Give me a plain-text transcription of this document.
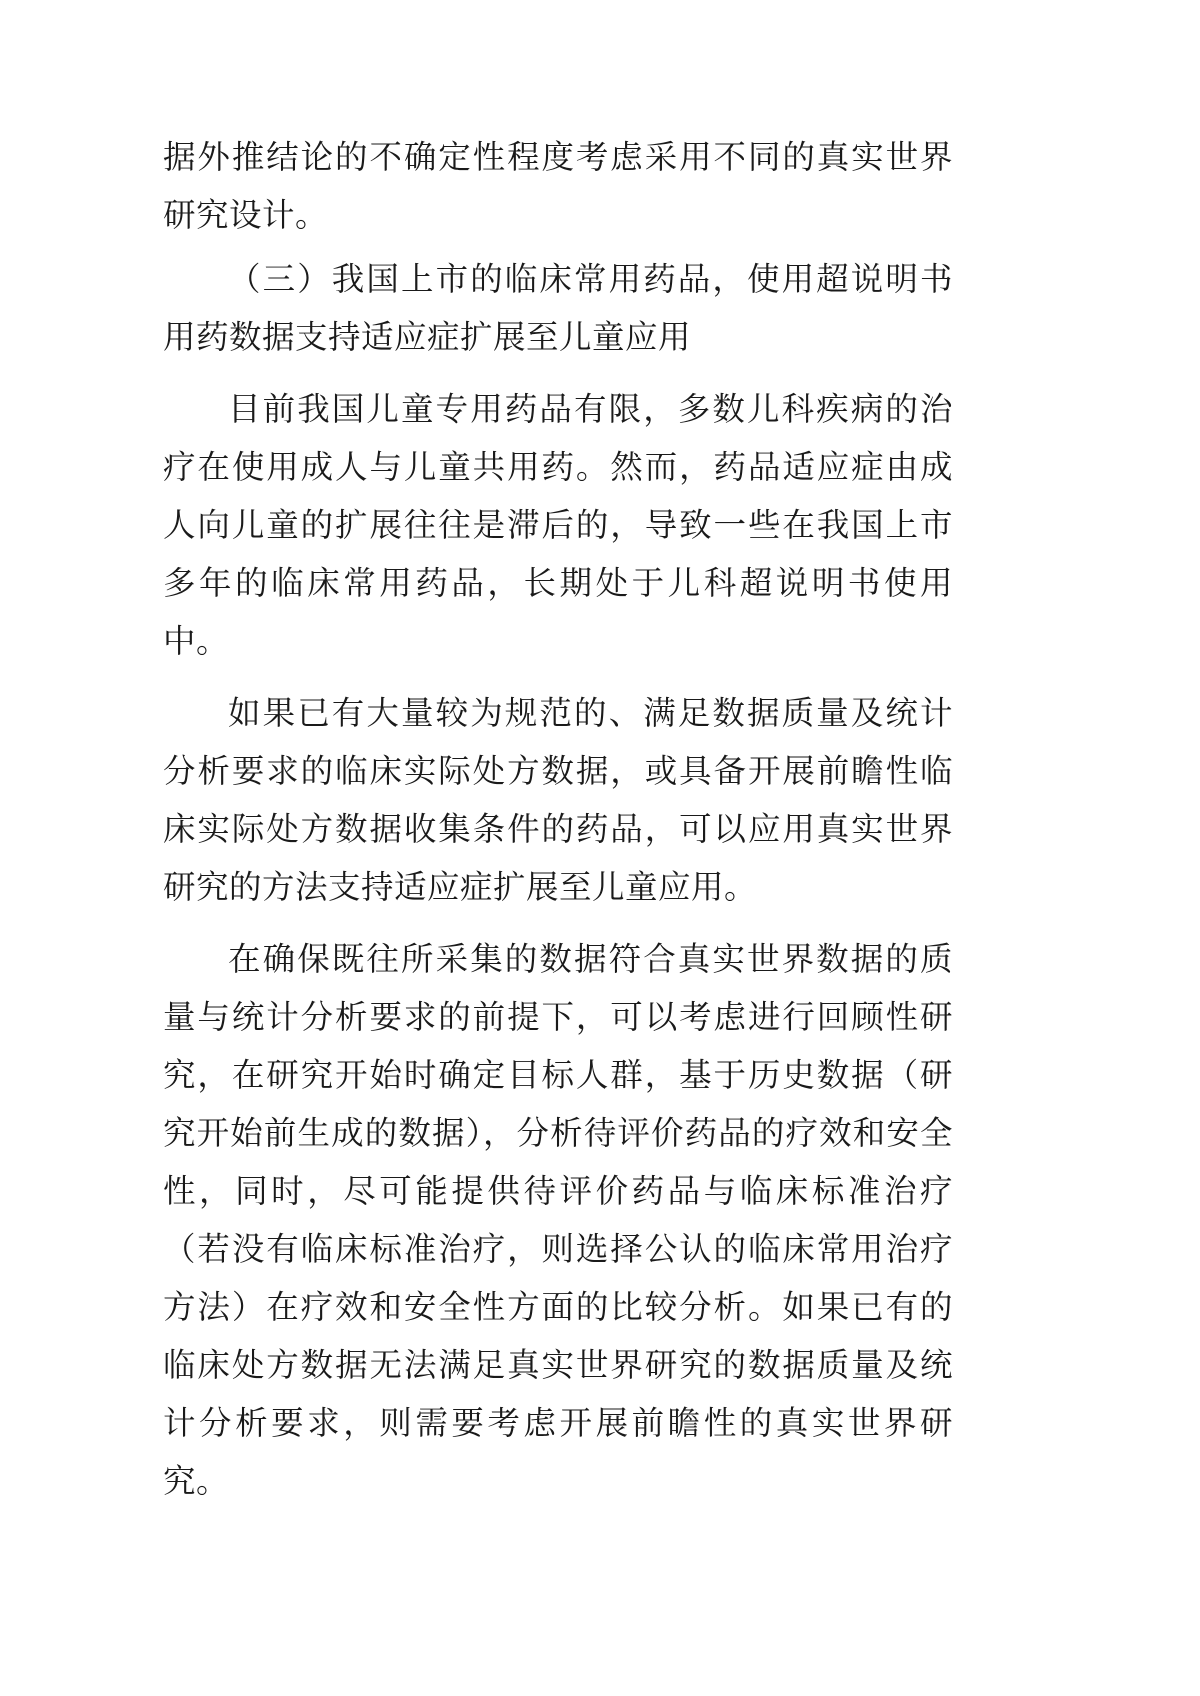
据外推结论的不确定性程度考虑采用不同的真实世界研究设计。

（三）我国上市的临床常用药品，使用超说明书用药数据支持适应症扩展至儿童应用

目前我国儿童专用药品有限，多数儿科疾病的治疗在使用成人与儿童共用药。然而，药品适应症由成人向儿童的扩展往往是滞后的，导致一些在我国上市多年的临床常用药品，长期处于儿科超说明书使用中。

如果已有大量较为规范的、满足数据质量及统计分析要求的临床实际处方数据，或具备开展前瞻性临床实际处方数据收集条件的药品，可以应用真实世界研究的方法支持适应症扩展至儿童应用。

在确保既往所采集的数据符合真实世界数据的质量与统计分析要求的前提下，可以考虑进行回顾性研究，在研究开始时确定目标人群，基于历史数据（研究开始前生成的数据），分析待评价药品的疗效和安全性，同时，尽可能提供待评价药品与临床标准治疗（若没有临床标准治疗，则选择公认的临床常用治疗方法）在疗效和安全性方面的比较分析。如果已有的临床处方数据无法满足真实世界研究的数据质量及统计分析要求，则需要考虑开展前瞻性的真实世界研究。
